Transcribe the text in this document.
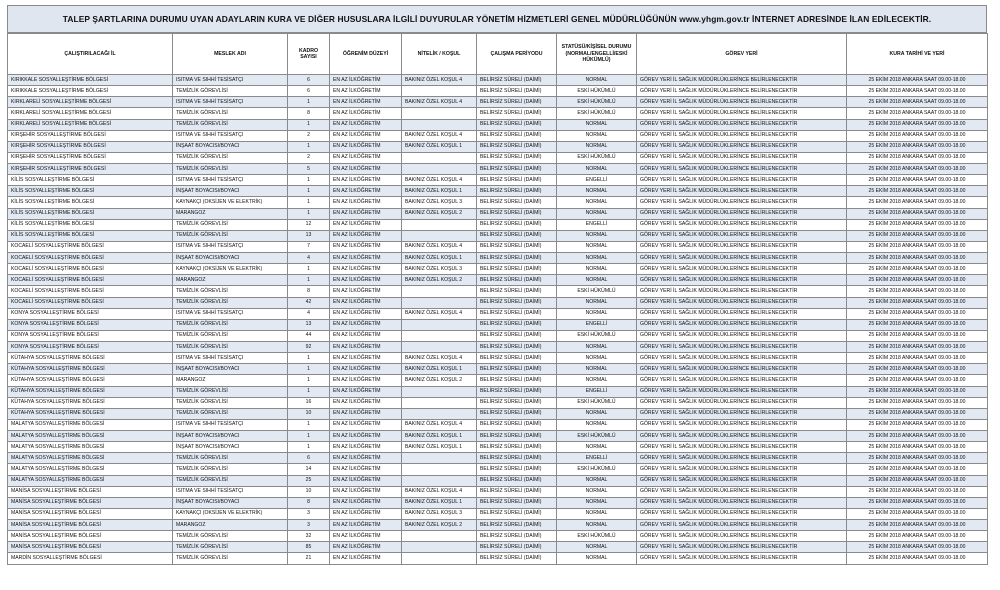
TALEP ŞARTLARINA DURUMU UYAN ADAYLARIN KURA VE DİĞER HUSUSLARA İLGİLİ DUYURULAR YÖNETİM HİZMETLERİ GENEL MÜDÜRLÜĞÜNÜN www.yhgm.gov.tr İNTERNET ADRESİNDE İLAN EDİLECEKTİR.
ÇALIŞTIRILACAĞI İL	MESLEK ADI	KADRO SAYISI	ÖĞRENİM DÜZEYİ	NİTELİK / KOŞUL	ÇALIŞMA PERİYODU	STATÜSÜ/KİŞİSEL DURUMU (NORMAL/ENGELLİ/ESKİ HÜKÜMLÜ)	GÖREV YERİ	KURA TARİHİ VE YERİ
KIRIKKALE SOSYALLEŞTİRME BÖLGESİ	ISITMA VE SIHHİ TESİSATÇI	6	EN AZ İLKÖĞRETİM	BAKINIZ ÖZEL KOŞUL 4	BELİRSİZ SÜRELİ (DAİMİ)	NORMAL	GÖREV YERİ İL SAĞLIK MÜDÜRLÜKLERİNCE BELİRLENECEKTİR	25 EKİM 2018 ANKARA SAAT 09.00-18.00
KIRIKKALE SOSYALLEŞTİRME BÖLGESİ	TEMİZLİK GÖREVLİSİ	6	EN AZ İLKÖĞRETİM		BELİRSİZ SÜRELİ (DAİMİ)	ESKİ HÜKÜMLÜ	GÖREV YERİ İL SAĞLIK MÜDÜRLÜKLERİNCE BELİRLENECEKTİR	25 EKİM 2018 ANKARA SAAT 09.00-18.00
KIRKLARELİ SOSYALLEŞTİRME BÖLGESİ	ISITMA VE SIHHİ TESİSATÇI	1	EN AZ İLKÖĞRETİM	BAKINIZ ÖZEL KOŞUL 4	BELİRSİZ SÜRELİ (DAİMİ)	ESKİ HÜKÜMLÜ	GÖREV YERİ İL SAĞLIK MÜDÜRLÜKLERİNCE BELİRLENECEKTİR	25 EKİM 2018 ANKARA SAAT 09.00-18.00
KIRKLARELİ SOSYALLEŞTİRME BÖLGESİ	TEMİZLİK GÖREVLİSİ	8	EN AZ İLKÖĞRETİM		BELİRSİZ SÜRELİ (DAİMİ)	ESKİ HÜKÜMLÜ	GÖREV YERİ İL SAĞLIK MÜDÜRLÜKLERİNCE BELİRLENECEKTİR	25 EKİM 2018 ANKARA SAAT 09.00-18.00
KIRKLARELİ SOSYALLEŞTİRME BÖLGESİ	TEMİZLİK GÖREVLİSİ	1	EN AZ İLKÖĞRETİM		BELİRSİZ SÜRELİ (DAİMİ)	NORMAL	GÖREV YERİ İL SAĞLIK MÜDÜRLÜKLERİNCE BELİRLENECEKTİR	25 EKİM 2018 ANKARA SAAT 09.00-18.00
KIRŞEHİR SOSYALLEŞTİRME BÖLGESİ	ISITMA VE SIHHİ TESİSATÇI	2	EN AZ İLKÖĞRETİM	BAKINIZ ÖZEL KOŞUL 4	BELİRSİZ SÜRELİ (DAİMİ)	NORMAL	GÖREV YERİ İL SAĞLIK MÜDÜRLÜKLERİNCE BELİRLENECEKTİR	25 EKİM 2018 ANKARA SAAT 09.00-18.00
KIRŞEHİR SOSYALLEŞTİRME BÖLGESİ	İNŞAAT BOYACISI/BOYACI	1	EN AZ İLKÖĞRETİM	BAKINIZ ÖZEL KOŞUL 1	BELİRSİZ SÜRELİ (DAİMİ)	NORMAL	GÖREV YERİ İL SAĞLIK MÜDÜRLÜKLERİNCE BELİRLENECEKTİR	25 EKİM 2018 ANKARA SAAT 09.00-18.00
KIRŞEHİR SOSYALLEŞTİRME BÖLGESİ	TEMİZLİK GÖREVLİSİ	2	EN AZ İLKÖĞRETİM		BELİRSİZ SÜRELİ (DAİMİ)	ESKİ HÜKÜMLÜ	GÖREV YERİ İL SAĞLIK MÜDÜRLÜKLERİNCE BELİRLENECEKTİR	25 EKİM 2018 ANKARA SAAT 09.00-18.00
KIRŞEHİR SOSYALLEŞTİRME BÖLGESİ	TEMİZLİK GÖREVLİSİ	5	EN AZ İLKÖĞRETİM		BELİRSİZ SÜRELİ (DAİMİ)	NORMAL	GÖREV YERİ İL SAĞLIK MÜDÜRLÜKLERİNCE BELİRLENECEKTİR	25 EKİM 2018 ANKARA SAAT 09.00-18.00
KİLİS SOSYALLEŞTİRME BÖLGESİ	ISITMA VE SIHHİ TESİSATÇI	1	EN AZ İLKÖĞRETİM	BAKINIZ ÖZEL KOŞUL 4	BELİRSİZ SÜRELİ (DAİMİ)	ENGELLİ	GÖREV YERİ İL SAĞLIK MÜDÜRLÜKLERİNCE BELİRLENECEKTİR	25 EKİM 2018 ANKARA SAAT 09.00-18.00
KİLİS SOSYALLEŞTİRME BÖLGESİ	İNŞAAT BOYACISI/BOYACI	1	EN AZ İLKÖĞRETİM	BAKINIZ ÖZEL KOŞUL 1	BELİRSİZ SÜRELİ (DAİMİ)	NORMAL	GÖREV YERİ İL SAĞLIK MÜDÜRLÜKLERİNCE BELİRLENECEKTİR	25 EKİM 2018 ANKARA SAAT 09.00-18.00
KİLİS SOSYALLEŞTİRME BÖLGESİ	KAYNAKÇI (OKSİJEN VE ELEKTRİK)	1	EN AZ İLKÖĞRETİM	BAKINIZ ÖZEL KOŞUL 3	BELİRSİZ SÜRELİ (DAİMİ)	NORMAL	GÖREV YERİ İL SAĞLIK MÜDÜRLÜKLERİNCE BELİRLENECEKTİR	25 EKİM 2018 ANKARA SAAT 09.00-18.00
KİLİS SOSYALLEŞTİRME BÖLGESİ	MARANGOZ	1	EN AZ İLKÖĞRETİM	BAKINIZ ÖZEL KOŞUL 2	BELİRSİZ SÜRELİ (DAİMİ)	NORMAL	GÖREV YERİ İL SAĞLIK MÜDÜRLÜKLERİNCE BELİRLENECEKTİR	25 EKİM 2018 ANKARA SAAT 09.00-18.00
KİLİS SOSYALLEŞTİRME BÖLGESİ	TEMİZLİK GÖREVLİSİ	12	EN AZ İLKÖĞRETİM		BELİRSİZ SÜRELİ (DAİMİ)	ENGELLİ	GÖREV YERİ İL SAĞLIK MÜDÜRLÜKLERİNCE BELİRLENECEKTİR	25 EKİM 2018 ANKARA SAAT 09.00-18.00
KİLİS SOSYALLEŞTİRME BÖLGESİ	TEMİZLİK GÖREVLİSİ	13	EN AZ İLKÖĞRETİM		BELİRSİZ SÜRELİ (DAİMİ)	NORMAL	GÖREV YERİ İL SAĞLIK MÜDÜRLÜKLERİNCE BELİRLENECEKTİR	25 EKİM 2018 ANKARA SAAT 09.00-18.00
KOCAELİ SOSYALLEŞTİRME BÖLGESİ	ISITMA VE SIHHİ TESİSATÇI	7	EN AZ İLKÖĞRETİM	BAKINIZ ÖZEL KOŞUL 4	BELİRSİZ SÜRELİ (DAİMİ)	NORMAL	GÖREV YERİ İL SAĞLIK MÜDÜRLÜKLERİNCE BELİRLENECEKTİR	25 EKİM 2018 ANKARA SAAT 09.00-18.00
KOCAELİ SOSYALLEŞTİRME BÖLGESİ	İNŞAAT BOYACISI/BOYACI	4	EN AZ İLKÖĞRETİM	BAKINIZ ÖZEL KOŞUL 1	BELİRSİZ SÜRELİ (DAİMİ)	NORMAL	GÖREV YERİ İL SAĞLIK MÜDÜRLÜKLERİNCE BELİRLENECEKTİR	25 EKİM 2018 ANKARA SAAT 09.00-18.00
KOCAELİ SOSYALLEŞTİRME BÖLGESİ	KAYNAKÇI (OKSİJEN VE ELEKTRİK)	1	EN AZ İLKÖĞRETİM	BAKINIZ ÖZEL KOŞUL 3	BELİRSİZ SÜRELİ (DAİMİ)	NORMAL	GÖREV YERİ İL SAĞLIK MÜDÜRLÜKLERİNCE BELİRLENECEKTİR	25 EKİM 2018 ANKARA SAAT 09.00-18.00
KOCAELİ SOSYALLEŞTİRME BÖLGESİ	MARANGOZ	1	EN AZ İLKÖĞRETİM	BAKINIZ ÖZEL KOŞUL 2	BELİRSİZ SÜRELİ (DAİMİ)	NORMAL	GÖREV YERİ İL SAĞLIK MÜDÜRLÜKLERİNCE BELİRLENECEKTİR	25 EKİM 2018 ANKARA SAAT 09.00-18.00
KOCAELİ SOSYALLEŞTİRME BÖLGESİ	TEMİZLİK GÖREVLİSİ	8	EN AZ İLKÖĞRETİM		BELİRSİZ SÜRELİ (DAİMİ)	ESKİ HÜKÜMLÜ	GÖREV YERİ İL SAĞLIK MÜDÜRLÜKLERİNCE BELİRLENECEKTİR	25 EKİM 2018 ANKARA SAAT 09.00-18.00
KOCAELİ SOSYALLEŞTİRME BÖLGESİ	TEMİZLİK GÖREVLİSİ	42	EN AZ İLKÖĞRETİM		BELİRSİZ SÜRELİ (DAİMİ)	NORMAL	GÖREV YERİ İL SAĞLIK MÜDÜRLÜKLERİNCE BELİRLENECEKTİR	25 EKİM 2018 ANKARA SAAT 09.00-18.00
KONYA SOSYALLEŞTİRME BÖLGESİ	ISITMA VE SIHHİ TESİSATÇI	4	EN AZ İLKÖĞRETİM	BAKINIZ ÖZEL KOŞUL 4	BELİRSİZ SÜRELİ (DAİMİ)	NORMAL	GÖREV YERİ İL SAĞLIK MÜDÜRLÜKLERİNCE BELİRLENECEKTİR	25 EKİM 2018 ANKARA SAAT 09.00-18.00
KONYA SOSYALLEŞTİRME BÖLGESİ	TEMİZLİK GÖREVLİSİ	13	EN AZ İLKÖĞRETİM		BELİRSİZ SÜRELİ (DAİMİ)	ENGELLİ	GÖREV YERİ İL SAĞLIK MÜDÜRLÜKLERİNCE BELİRLENECEKTİR	25 EKİM 2018 ANKARA SAAT 09.00-18.00
KONYA SOSYALLEŞTİRME BÖLGESİ	TEMİZLİK GÖREVLİSİ	44	EN AZ İLKÖĞRETİM		BELİRSİZ SÜRELİ (DAİMİ)	ESKİ HÜKÜMLÜ	GÖREV YERİ İL SAĞLIK MÜDÜRLÜKLERİNCE BELİRLENECEKTİR	25 EKİM 2018 ANKARA SAAT 09.00-18.00
KONYA SOSYALLEŞTİRME BÖLGESİ	TEMİZLİK GÖREVLİSİ	92	EN AZ İLKÖĞRETİM		BELİRSİZ SÜRELİ (DAİMİ)	NORMAL	GÖREV YERİ İL SAĞLIK MÜDÜRLÜKLERİNCE BELİRLENECEKTİR	25 EKİM 2018 ANKARA SAAT 09.00-18.00
KÜTAHYA SOSYALLEŞTİRME BÖLGESİ	ISITMA VE SIHHİ TESİSATÇI	1	EN AZ İLKÖĞRETİM	BAKINIZ ÖZEL KOŞUL 4	BELİRSİZ SÜRELİ (DAİMİ)	NORMAL	GÖREV YERİ İL SAĞLIK MÜDÜRLÜKLERİNCE BELİRLENECEKTİR	25 EKİM 2018 ANKARA SAAT 09.00-18.00
KÜTAHYA SOSYALLEŞTİRME BÖLGESİ	İNŞAAT BOYACISI/BOYACI	1	EN AZ İLKÖĞRETİM	BAKINIZ ÖZEL KOŞUL 1	BELİRSİZ SÜRELİ (DAİMİ)	NORMAL	GÖREV YERİ İL SAĞLIK MÜDÜRLÜKLERİNCE BELİRLENECEKTİR	25 EKİM 2018 ANKARA SAAT 09.00-18.00
KÜTAHYA SOSYALLEŞTİRME BÖLGESİ	MARANGOZ	1	EN AZ İLKÖĞRETİM	BAKINIZ ÖZEL KOŞUL 2	BELİRSİZ SÜRELİ (DAİMİ)	NORMAL	GÖREV YERİ İL SAĞLIK MÜDÜRLÜKLERİNCE BELİRLENECEKTİR	25 EKİM 2018 ANKARA SAAT 09.00-18.00
KÜTAHYA SOSYALLEŞTİRME BÖLGESİ	TEMİZLİK GÖREVLİSİ	1	EN AZ İLKÖĞRETİM		BELİRSİZ SÜRELİ (DAİMİ)	ENGELLİ	GÖREV YERİ İL SAĞLIK MÜDÜRLÜKLERİNCE BELİRLENECEKTİR	25 EKİM 2018 ANKARA SAAT 09.00-18.00
KÜTAHYA SOSYALLEŞTİRME BÖLGESİ	TEMİZLİK GÖREVLİSİ	16	EN AZ İLKÖĞRETİM		BELİRSİZ SÜRELİ (DAİMİ)	ESKİ HÜKÜMLÜ	GÖREV YERİ İL SAĞLIK MÜDÜRLÜKLERİNCE BELİRLENECEKTİR	25 EKİM 2018 ANKARA SAAT 09.00-18.00
KÜTAHYA SOSYALLEŞTİRME BÖLGESİ	TEMİZLİK GÖREVLİSİ	10	EN AZ İLKÖĞRETİM		BELİRSİZ SÜRELİ (DAİMİ)	NORMAL	GÖREV YERİ İL SAĞLIK MÜDÜRLÜKLERİNCE BELİRLENECEKTİR	25 EKİM 2018 ANKARA SAAT 09.00-18.00
MALATYA SOSYALLEŞTİRME BÖLGESİ	ISITMA VE SIHHİ TESİSATÇI	1	EN AZ İLKÖĞRETİM	BAKINIZ ÖZEL KOŞUL 4	BELİRSİZ SÜRELİ (DAİMİ)	NORMAL	GÖREV YERİ İL SAĞLIK MÜDÜRLÜKLERİNCE BELİRLENECEKTİR	25 EKİM 2018 ANKARA SAAT 09.00-18.00
MALATYA SOSYALLEŞTİRME BÖLGESİ	İNŞAAT BOYACISI/BOYACI	1	EN AZ İLKÖĞRETİM	BAKINIZ ÖZEL KOŞUL 1	BELİRSİZ SÜRELİ (DAİMİ)	ESKİ HÜKÜMLÜ	GÖREV YERİ İL SAĞLIK MÜDÜRLÜKLERİNCE BELİRLENECEKTİR	25 EKİM 2018 ANKARA SAAT 09.00-18.00
MALATYA SOSYALLEŞTİRME BÖLGESİ	İNŞAAT BOYACISI/BOYACI	1	EN AZ İLKÖĞRETİM	BAKINIZ ÖZEL KOŞUL 1	BELİRSİZ SÜRELİ (DAİMİ)	NORMAL	GÖREV YERİ İL SAĞLIK MÜDÜRLÜKLERİNCE BELİRLENECEKTİR	25 EKİM 2018 ANKARA SAAT 09.00-18.00
MALATYA SOSYALLEŞTİRME BÖLGESİ	TEMİZLİK GÖREVLİSİ	6	EN AZ İLKÖĞRETİM		BELİRSİZ SÜRELİ (DAİMİ)	ENGELLİ	GÖREV YERİ İL SAĞLIK MÜDÜRLÜKLERİNCE BELİRLENECEKTİR	25 EKİM 2018 ANKARA SAAT 09.00-18.00
MALATYA SOSYALLEŞTİRME BÖLGESİ	TEMİZLİK GÖREVLİSİ	14	EN AZ İLKÖĞRETİM		BELİRSİZ SÜRELİ (DAİMİ)	ESKİ HÜKÜMLÜ	GÖREV YERİ İL SAĞLIK MÜDÜRLÜKLERİNCE BELİRLENECEKTİR	25 EKİM 2018 ANKARA SAAT 09.00-18.00
MALATYA SOSYALLEŞTİRME BÖLGESİ	TEMİZLİK GÖREVLİSİ	25	EN AZ İLKÖĞRETİM		BELİRSİZ SÜRELİ (DAİMİ)	NORMAL	GÖREV YERİ İL SAĞLIK MÜDÜRLÜKLERİNCE BELİRLENECEKTİR	25 EKİM 2018 ANKARA SAAT 09.00-18.00
MANİSA SOSYALLEŞTİRME BÖLGESİ	ISITMA VE SIHHİ TESİSATÇI	10	EN AZ İLKÖĞRETİM	BAKINIZ ÖZEL KOŞUL 4	BELİRSİZ SÜRELİ (DAİMİ)	NORMAL	GÖREV YERİ İL SAĞLIK MÜDÜRLÜKLERİNCE BELİRLENECEKTİR	25 EKİM 2018 ANKARA SAAT 09.00-18.00
MANİSA SOSYALLEŞTİRME BÖLGESİ	İNŞAAT BOYACISI/BOYACI	8	EN AZ İLKÖĞRETİM	BAKINIZ ÖZEL KOŞUL 1	BELİRSİZ SÜRELİ (DAİMİ)	NORMAL	GÖREV YERİ İL SAĞLIK MÜDÜRLÜKLERİNCE BELİRLENECEKTİR	25 EKİM 2018 ANKARA SAAT 09.00-18.00
MANİSA SOSYALLEŞTİRME BÖLGESİ	KAYNAKÇI (OKSİJEN VE ELEKTRİK)	3	EN AZ İLKÖĞRETİM	BAKINIZ ÖZEL KOŞUL 3	BELİRSİZ SÜRELİ (DAİMİ)	NORMAL	GÖREV YERİ İL SAĞLIK MÜDÜRLÜKLERİNCE BELİRLENECEKTİR	25 EKİM 2018 ANKARA SAAT 09.00-18.00
MANİSA SOSYALLEŞTİRME BÖLGESİ	MARANGOZ	3	EN AZ İLKÖĞRETİM	BAKINIZ ÖZEL KOŞUL 2	BELİRSİZ SÜRELİ (DAİMİ)	NORMAL	GÖREV YERİ İL SAĞLIK MÜDÜRLÜKLERİNCE BELİRLENECEKTİR	25 EKİM 2018 ANKARA SAAT 09.00-18.00
MANİSA SOSYALLEŞTİRME BÖLGESİ	TEMİZLİK GÖREVLİSİ	32	EN AZ İLKÖĞRETİM		BELİRSİZ SÜRELİ (DAİMİ)	ESKİ HÜKÜMLÜ	GÖREV YERİ İL SAĞLIK MÜDÜRLÜKLERİNCE BELİRLENECEKTİR	25 EKİM 2018 ANKARA SAAT 09.00-18.00
MANİSA SOSYALLEŞTİRME BÖLGESİ	TEMİZLİK GÖREVLİSİ	85	EN AZ İLKÖĞRETİM		BELİRSİZ SÜRELİ (DAİMİ)	NORMAL	GÖREV YERİ İL SAĞLIK MÜDÜRLÜKLERİNCE BELİRLENECEKTİR	25 EKİM 2018 ANKARA SAAT 09.00-18.00
MARDİN SOSYALLEŞTİRME BÖLGESİ	TEMİZLİK GÖREVLİSİ	21	EN AZ İLKÖĞRETİM		BELİRSİZ SÜRELİ (DAİMİ)	NORMAL	GÖREV YERİ İL SAĞLIK MÜDÜRLÜKLERİNCE BELİRLENECEKTİR	25 EKİM 2018 ANKARA SAAT 09.00-18.00
